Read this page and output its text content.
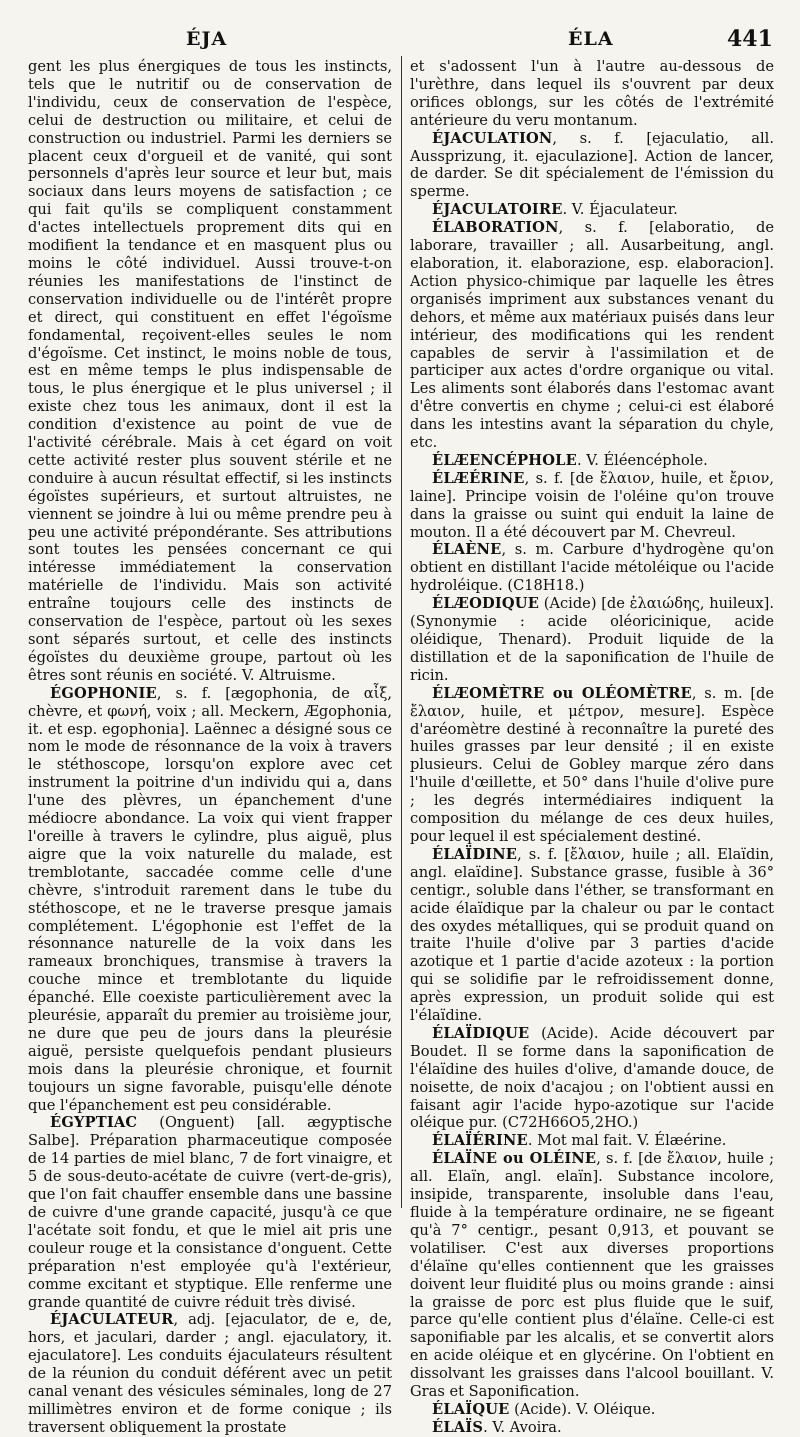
ÉJA	ÉLA	441

gent les plus énergiques de tous les instincts, tels que le nutritif ou de conservation de l'individu, ceux de conservation de l'espèce, celui de destruction ou militaire, et celui de construction ou industriel. Parmi les derniers se placent ceux d'orgueil et de vanité, qui sont personnels d'après leur source et leur but, mais sociaux dans leurs moyens de satisfaction ; ce qui fait qu'ils se compliquent constamment d'actes intellectuels proprement dits qui en modifient la tendance et en masquent plus ou moins le côté individuel. Aussi trouve-t-on réunies les manifestations de l'instinct de conservation individuelle ou de l'intérêt propre et direct, qui constituent en effet l'égoïsme fondamental, reçoivent-elles seules le nom d'égoïsme. Cet instinct, le moins noble de tous, est en même temps le plus indispensable de tous, le plus énergique et le plus universel ; il existe chez tous les animaux, dont il est la condition d'existence au point de vue de l'activité cérébrale. Mais à cet égard on voit cette activité rester plus souvent stérile et ne conduire à aucun résultat effectif, si les instincts égoïstes supérieurs, et surtout altruistes, ne viennent se joindre à lui ou même prendre peu à peu une activité prépondérante. Ses attributions sont toutes les pensées concernant ce qui intéresse immédiatement la conservation matérielle de l'individu. Mais son activité entraîne toujours celle des instincts de conservation de l'espèce, partout où les sexes sont séparés surtout, et celle des instincts égoïstes du deuxième groupe, partout où les êtres sont réunis en société. V. Altruisme.

ÉGOPHONIE, s. f. [ægophonia, de αἶξ, chèvre, et φωνή, voix ; all. Meckern, Ægophonia, it. et esp. egophonia]. Laënnec a désigné sous ce nom le mode de résonnance de la voix à travers le stéthoscope, lorsqu'on explore avec cet instrument la poitrine d'un individu qui a, dans l'une des plèvres, un épanchement d'une médiocre abondance. La voix qui vient frapper l'oreille à travers le cylindre, plus aiguë, plus aigre que la voix naturelle du malade, est tremblotante, saccadée comme celle d'une chèvre, s'introduit rarement dans le tube du stéthoscope, et ne le traverse presque jamais complétement. L'égophonie est l'effet de la résonnance naturelle de la voix dans les rameaux bronchiques, transmise à travers la couche mince et tremblotante du liquide épanché. Elle coexiste particulièrement avec la pleurésie, apparaît du premier au troisième jour, ne dure que peu de jours dans la pleurésie aiguë, persiste quelquefois pendant plusieurs mois dans la pleurésie chronique, et fournit toujours un signe favorable, puisqu'elle dénote que l'épanchement est peu considérable.

ÉGYPTIAC (Onguent) [all. ægyptische Salbe]. Préparation pharmaceutique composée de 14 parties de miel blanc, 7 de fort vinaigre, et 5 de sous-deuto-acétate de cuivre (vert-de-gris), que l'on fait chauffer ensemble dans une bassine de cuivre d'une grande capacité, jusqu'à ce que l'acétate soit fondu, et que le miel ait pris une couleur rouge et la consistance d'onguent. Cette préparation n'est employée qu'à l'extérieur, comme excitant et styptique. Elle renferme une grande quantité de cuivre réduit très divisé.

ÉJACULATEUR, adj. [ejaculator, de e, de, hors, et jaculari, darder ; angl. ejaculatory, it. ejaculatore]. Les conduits éjaculateurs résultent de la réunion du conduit déférent avec un petit canal venant des vésicules séminales, long de 27 millimètres environ et de forme conique ; ils traversent obliquement la prostate

et s'adossent l'un à l'autre au-dessous de l'urèthre, dans lequel ils s'ouvrent par deux orifices oblongs, sur les côtés de l'extrémité antérieure du veru montanum.

ÉJACULATION, s. f. [ejaculatio, all. Aussprizung, it. ejaculazione]. Action de lancer, de darder. Se dit spécialement de l'émission du sperme.

ÉJACULATOIRE. V. Éjaculateur.

ÉLABORATION, s. f. [elaboratio, de laborare, travailler ; all. Ausarbeitung, angl. elaboration, it. elaborazione, esp. elaboracion]. Action physico-chimique par laquelle les êtres organisés impriment aux substances venant du dehors, et même aux matériaux puisés dans leur intérieur, des modifications qui les rendent capables de servir à l'assimilation et de participer aux actes d'ordre organique ou vital. Les aliments sont élaborés dans l'estomac avant d'être convertis en chyme ; celui-ci est élaboré dans les intestins avant la séparation du chyle, etc.

ÉLÆENCÉPHOLE. V. Éléencéphole.

ÉLÆÉRINE, s. f. [de ἔλαιον, huile, et ἔριον, laine]. Principe voisin de l'oléine qu'on trouve dans la graisse ou suint qui enduit la laine de mouton. Il a été découvert par M. Chevreul.

ÉLAÈNE, s. m. Carbure d'hydrogène qu'on obtient en distillant l'acide métoléique ou l'acide hydroléique. (C18H18.)

ÉLÆODIQUE (Acide) [de ἐλαιώδης, huileux]. (Synonymie : acide oléoricinique, acide oléidique, Thenard). Produit liquide de la distillation et de la saponification de l'huile de ricin.

ÉLÆOMÈTRE ou OLÉOMÈTRE, s. m. [de ἔλαιον, huile, et μέτρον, mesure]. Espèce d'aréomètre destiné à reconnaître la pureté des huiles grasses par leur densité ; il en existe plusieurs. Celui de Gobley marque zéro dans l'huile d'œillette, et 50° dans l'huile d'olive pure ; les degrés intermédiaires indiquent la composition du mélange de ces deux huiles, pour lequel il est spécialement destiné.

ÉLAÏDINE, s. f. [ἔλαιον, huile ; all. Elaïdin, angl. elaïdine]. Substance grasse, fusible à 36° centigr., soluble dans l'éther, se transformant en acide élaïdique par la chaleur ou par le contact des oxydes métalliques, qui se produit quand on traite l'huile d'olive par 3 parties d'acide azotique et 1 partie d'acide azoteux : la portion qui se solidifie par le refroidissement donne, après expression, un produit solide qui est l'élaïdine.

ÉLAÏDIQUE (Acide). Acide découvert par Boudet. Il se forme dans la saponification de l'élaïdine des huiles d'olive, d'amande douce, de noisette, de noix d'acajou ; on l'obtient aussi en faisant agir l'acide hypo-azotique sur l'acide oléique pur. (C72H66O5,2HO.)

ÉLAÏÉRINE. Mot mal fait. V. Élæérine.

ÉLAÏNE ou OLÉINE, s. f. [de ἔλαιον, huile ; all. Elaïn, angl. elaïn]. Substance incolore, insipide, transparente, insoluble dans l'eau, fluide à la température ordinaire, ne se figeant qu'à 7° centigr., pesant 0,913, et pouvant se volatiliser. C'est aux diverses proportions d'élaïne qu'elles contiennent que les graisses doivent leur fluidité plus ou moins grande : ainsi la graisse de porc est plus fluide que le suif, parce qu'elle contient plus d'élaïne. Celle-ci est saponifiable par les alcalis, et se convertit alors en acide oléique et en glycérine. On l'obtient en dissolvant les graisses dans l'alcool bouillant. V. Gras et Saponification.

ÉLAÏQUE (Acide). V. Oléique.

ÉLAÏS. V. Avoira.
